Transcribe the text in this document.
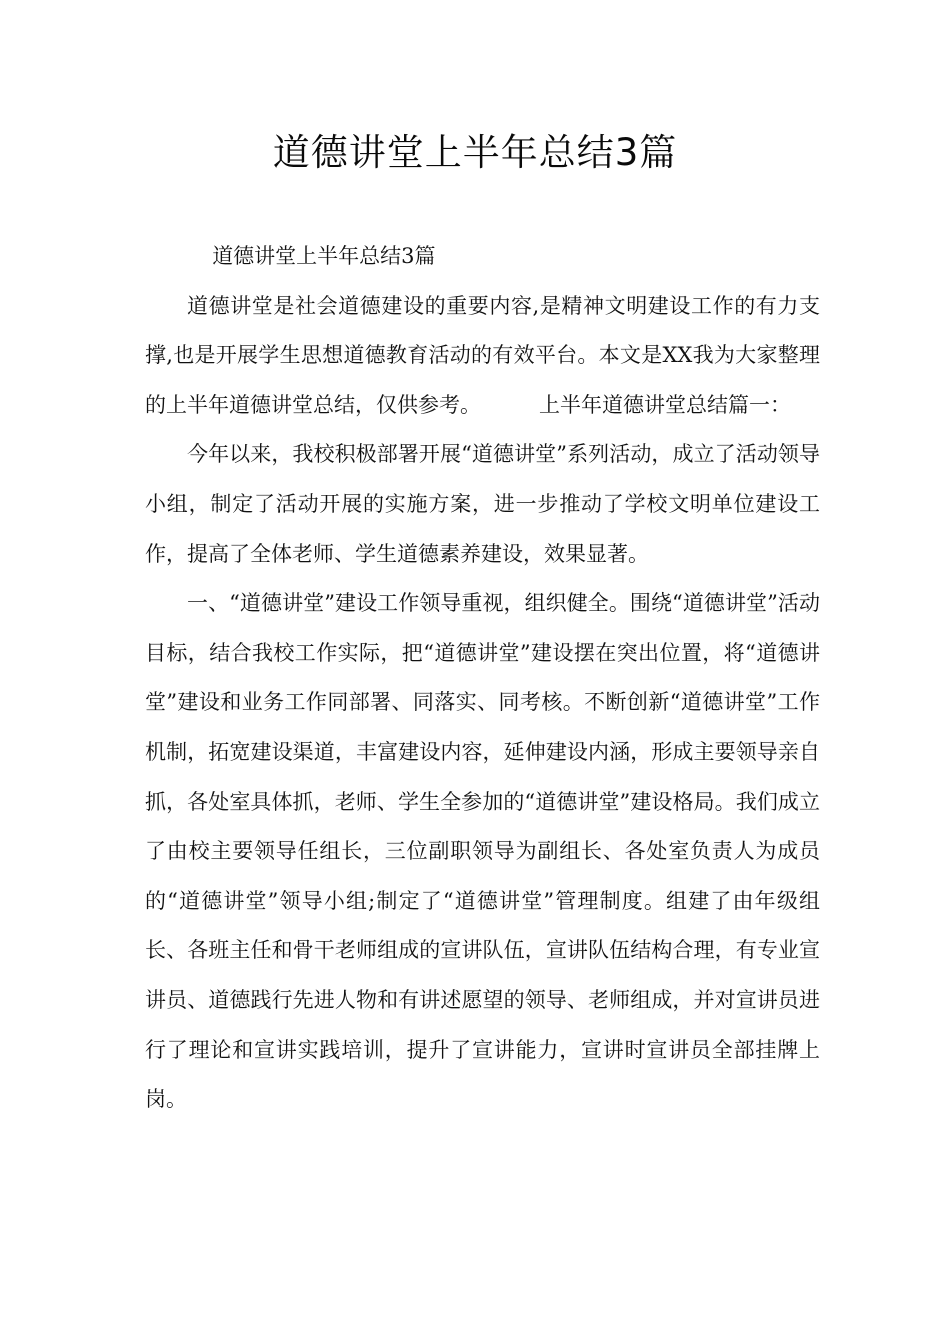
道德讲堂上半年总结3篇

道德讲堂上半年总结3篇

道德讲堂是社会道德建设的重要内容,是精神文明建设工作的有力支撑,也是开展学生思想道德教育活动的有效平台。本文是XX我为大家整理的上半年道德讲堂总结，仅供参考。	上半年道德讲堂总结篇一：

今年以来，我校积极部署开展“道德讲堂”系列活动，成立了活动领导小组，制定了活动开展的实施方案，进一步推动了学校文明单位建设工作，提高了全体老师、学生道德素养建设，效果显著。

一、“道德讲堂”建设工作领导重视，组织健全。围绕“道德讲堂”活动目标，结合我校工作实际，把“道德讲堂”建设摆在突出位置，将“道德讲堂”建设和业务工作同部署、同落实、同考核。不断创新“道德讲堂”工作机制，拓宽建设渠道，丰富建设内容，延伸建设内涵，形成主要领导亲自抓，各处室具体抓，老师、学生全参加的“道德讲堂”建设格局。我们成立了由校主要领导任组长，三位副职领导为副组长、各处室负责人为成员的“道德讲堂”领导小组;制定了“道德讲堂”管理制度。组建了由年级组长、各班主任和骨干老师组成的宣讲队伍，宣讲队伍结构合理，有专业宣讲员、道德践行先进人物和有讲述愿望的领导、老师组成，并对宣讲员进行了理论和宣讲实践培训，提升了宣讲能力，宣讲时宣讲员全部挂牌上岗。
